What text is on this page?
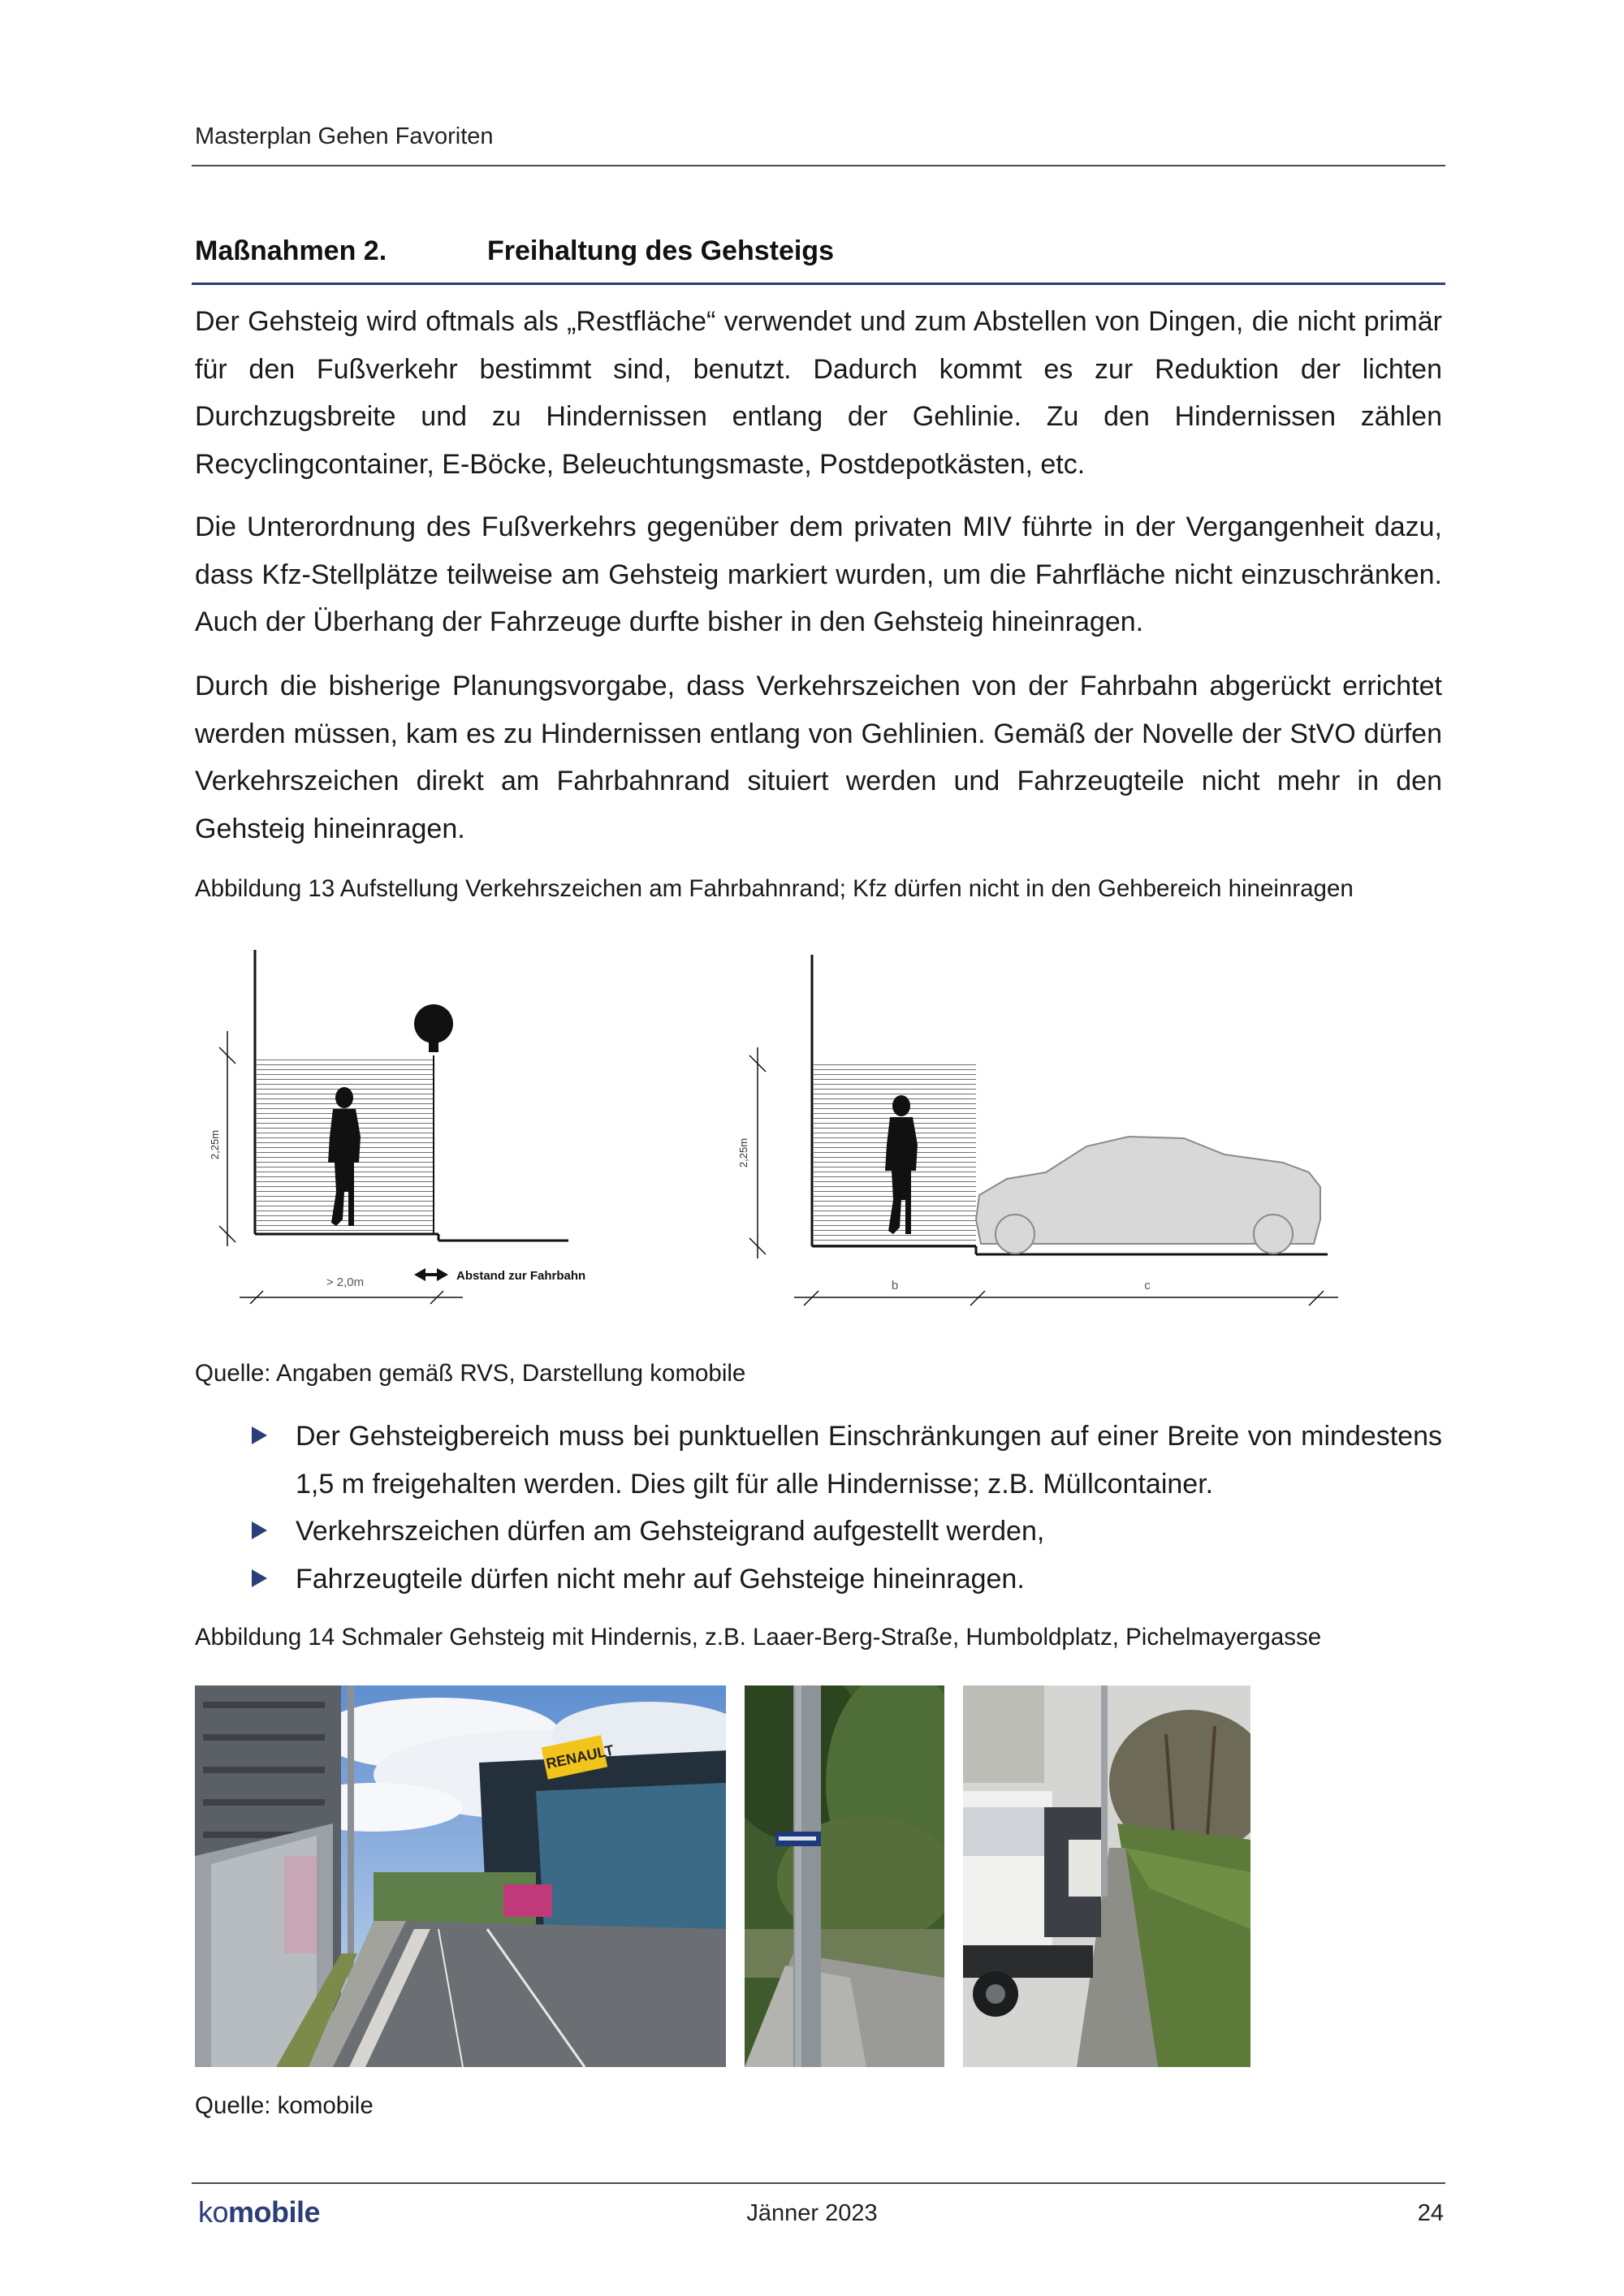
Masterplan Gehen Favoriten
Maßnahmen 2.	Freihaltung des Gehsteigs
Der Gehsteig wird oftmals als „Restfläche“ verwendet und zum Abstellen von Dingen, die nicht primär für den Fußverkehr bestimmt sind, benutzt. Dadurch kommt es zur Reduktion der lichten Durchzugsbreite und zu Hindernissen entlang der Gehlinie. Zu den Hindernissen zählen Recyclingcontainer, E-Böcke, Beleuchtungsmaste, Postdepotkästen, etc.
Die Unterordnung des Fußverkehrs gegenüber dem privaten MIV führte in der Vergangenheit dazu, dass Kfz-Stellplätze teilweise am Gehsteig markiert wurden, um die Fahrfläche nicht einzuschränken. Auch der Überhang der Fahrzeuge durfte bisher in den Gehsteig hineinragen.
Durch die bisherige Planungsvorgabe, dass Verkehrszeichen von der Fahrbahn abgerückt errichtet werden müssen, kam es zu Hindernissen entlang von Gehlinien. Gemäß der Novelle der StVO dürfen Verkehrszeichen direkt am Fahrbahnrand situiert werden und Fahrzeugteile nicht mehr in den Gehsteig hineinragen.
Abbildung 13 Aufstellung Verkehrszeichen am Fahrbahnrand; Kfz dürfen nicht in den Gehbereich hineinragen
2,25m
> 2,0m	Abstand zur Fahrbahn
2,25m
b	c
Quelle: Angaben gemäß RVS, Darstellung komobile
Der Gehsteigbereich muss bei punktuellen Einschränkungen auf einer Breite von mindestens 1,5 m freigehalten werden. Dies gilt für alle Hindernisse; z.B. Müllcontainer.
Verkehrszeichen dürfen am Gehsteigrand aufgestellt werden,
Fahrzeugteile dürfen nicht mehr auf Gehsteige hineinragen.
Abbildung 14 Schmaler Gehsteig mit Hindernis, z.B. Laaer-Berg-Straße, Humboldplatz, Pichelmayergasse
RENAULT
Quelle: komobile
komobile	Jänner 2023	24
